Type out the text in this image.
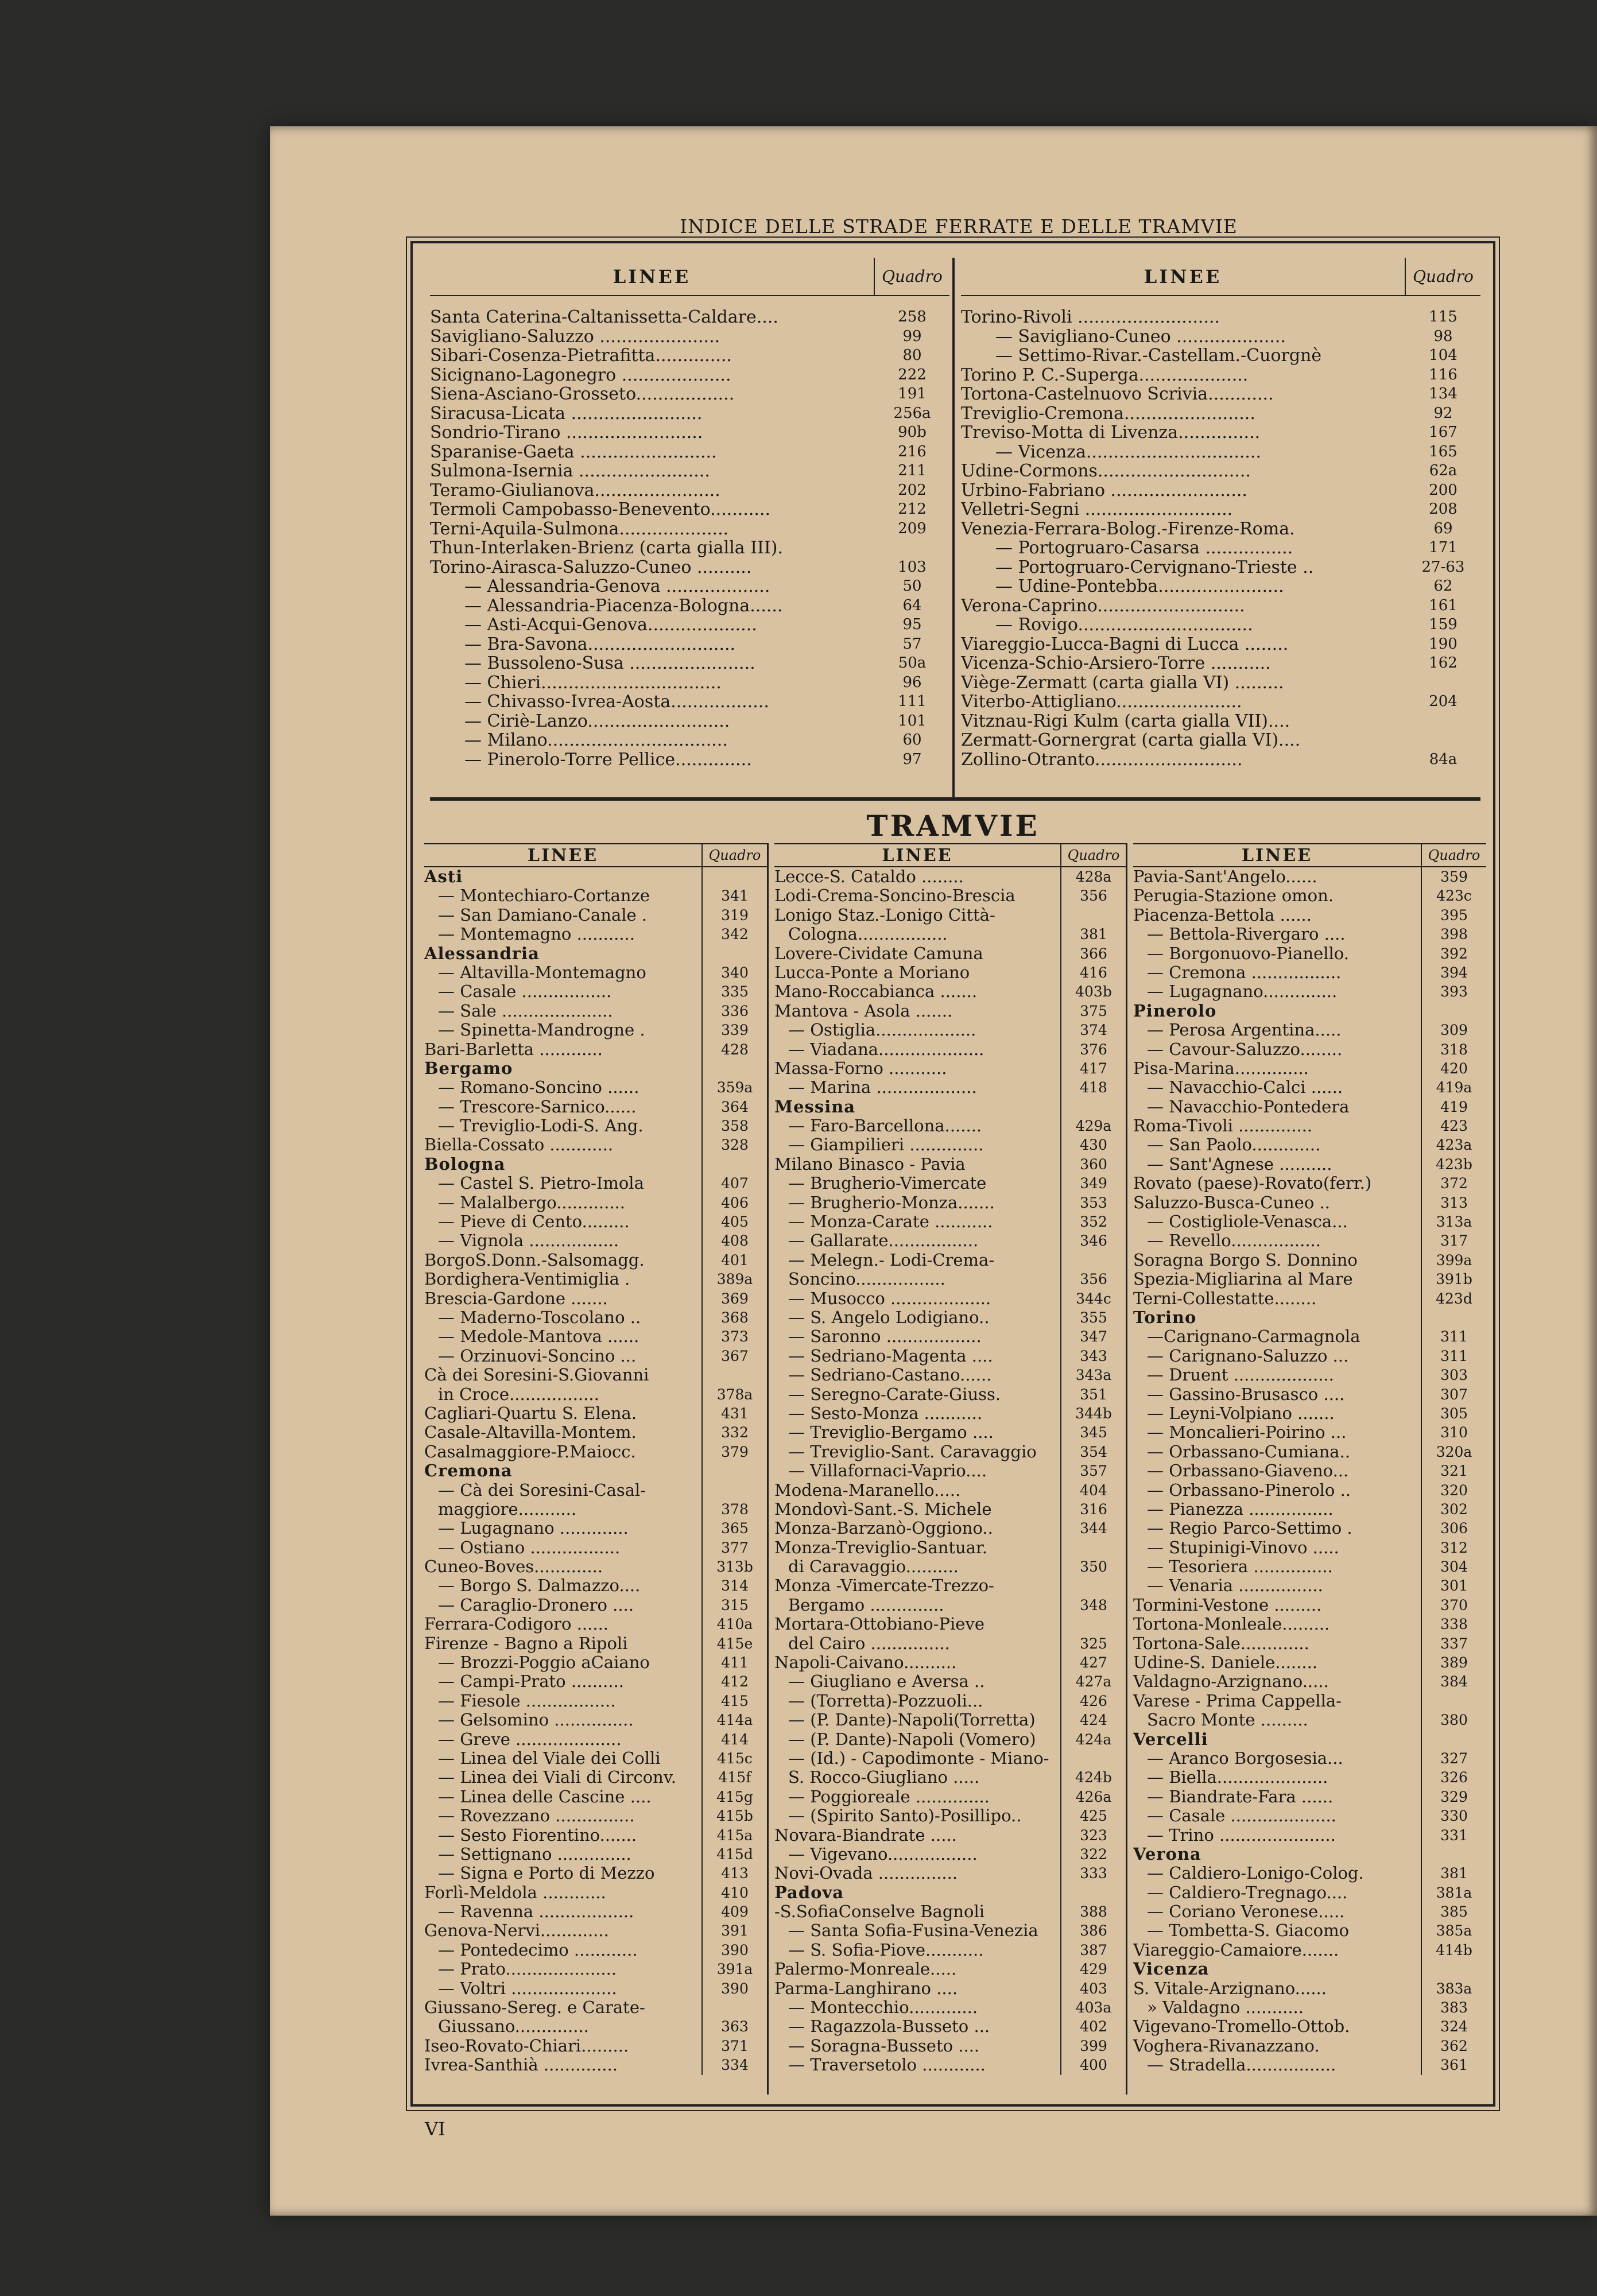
INDICE DELLE STRADE FERRATE E DELLE TRAMVIE
LINEE	Quadro
Santa Caterina-Caltanissetta-Caldare....	258
Savigliano-Saluzzo ......................	99
Sibari-Cosenza-Pietrafitta..............	80
Sicignano-Lagonegro ....................	222
Siena-Asciano-Grosseto..................	191
Siracusa-Licata ........................	256a
Sondrio-Tirano .........................	90b
Sparanise-Gaeta .........................	216
Sulmona-Isernia ........................	211
Teramo-Giulianova.......................	202
Termoli Campobasso-Benevento...........	212
Terni-Aquila-Sulmona....................	209
Thun-Interlaken-Brienz (carta gialla III).
Torino-Airasca-Saluzzo-Cuneo ..........	103
— Alessandria-Genova ...................	50
— Alessandria-Piacenza-Bologna......	64
— Asti-Acqui-Genova....................	95
— Bra-Savona...........................	57
— Bussoleno-Susa .......................	50a
— Chieri.................................	96
— Chivasso-Ivrea-Aosta..................	111
— Ciriè-Lanzo..........................	101
— Milano.................................	60
— Pinerolo-Torre Pellice..............	97
LINEE	Quadro
Torino-Rivoli ..........................	115
— Savigliano-Cuneo ....................	98
— Settimo-Rivar.-Castellam.-Cuorgnè	104
Torino P. C.-Superga....................	116
Tortona-Castelnuovo Scrivia............	134
Treviglio-Cremona........................	92
Treviso-Motta di Livenza...............	167
— Vicenza................................	165
Udine-Cormons............................	62a
Urbino-Fabriano .........................	200
Velletri-Segni ...........................	208
Venezia-Ferrara-Bolog.-Firenze-Roma.	69
— Portogruaro-Casarsa ................	171
— Portogruaro-Cervignano-Trieste ..	27-63
— Udine-Pontebba.......................	62
Verona-Caprino...........................	161
— Rovigo................................	159
Viareggio-Lucca-Bagni di Lucca ........	190
Vicenza-Schio-Arsiero-Torre ...........	162
Viège-Zermatt (carta gialla VI) .........
Viterbo-Attigliano.......................	204
Vitznau-Rigi Kulm (carta gialla VII)....
Zermatt-Gornergrat (carta gialla VI)....
Zollino-Otranto...........................	84a
TRAMVIE
LINEE	Quadro
Asti
— Montechiaro-Cortanze	341
— San Damiano-Canale .	319
— Montemagno ...........	342
Alessandria
— Altavilla-Montemagno	340
— Casale .................	335
— Sale .....................	336
— Spinetta-Mandrogne .	339
Bari-Barletta ............	428
Bergamo
— Romano-Soncino ......	359a
— Trescore-Sarnico......	364
— Treviglio-Lodi-S. Ang.	358
Biella-Cossato ............	328
Bologna
— Castel S. Pietro-Imola	407
— Malalbergo.............	406
— Pieve di Cento.........	405
— Vignola .................	408
BorgoS.Donn.-Salsomagg.	401
Bordighera-Ventimiglia .	389a
Brescia-Gardone .......	369
— Maderno-Toscolano ..	368
— Medole-Mantova ......	373
— Orzinuovi-Soncino ...	367
Cà dei Soresini-S.Giovanni
in Croce.................	378a
Cagliari-Quartu S. Elena.	431
Casale-Altavilla-Montem.	332
Casalmaggiore-P.Maiocc.	379
Cremona
— Cà dei Soresini-Casal-
maggiore...........	378
— Lugagnano .............	365
— Ostiano .................	377
Cuneo-Boves.............	313b
— Borgo S. Dalmazzo....	314
— Caraglio-Dronero ....	315
Ferrara-Codigoro ......	410a
Firenze - Bagno a Ripoli	415e
— Brozzi-Poggio aCaiano	411
— Campi-Prato ..........	412
— Fiesole .................	415
— Gelsomino ...............	414a
— Greve ....................	414
— Linea del Viale dei Colli	415c
— Linea dei Viali di Circonv.	415f
— Linea delle Cascine ....	415g
— Rovezzano ...............	415b
— Sesto Fiorentino.......	415a
— Settignano ..............	415d
— Signa e Porto di Mezzo	413
Forlì-Meldola ............	410
— Ravenna ..................	409
Genova-Nervi.............	391
— Pontedecimo ............	390
— Prato.....................	391a
— Voltri ....................	390
Giussano-Sereg. e Carate-
Giussano..............	363
Iseo-Rovato-Chiari.........	371
Ivrea-Santhià ..............	334
LINEE	Quadro
Lecce-S. Cataldo ........	428a
Lodi-Crema-Soncino-Brescia	356
Lonigo Staz.-Lonigo Città-
Cologna.................	381
Lovere-Cividate Camuna	366
Lucca-Ponte a Moriano	416
Mano-Roccabianca .......	403b
Mantova - Asola .......	375
— Ostiglia...................	374
— Viadana....................	376
Massa-Forno ...........	417
— Marina ...................	418
Messina
— Faro-Barcellona.......	429a
— Giampilieri ..............	430
Milano Binasco - Pavia	360
— Brugherio-Vimercate	349
— Brugherio-Monza.......	353
— Monza-Carate ...........	352
— Gallarate.................	346
— Melegn.- Lodi-Crema-
Soncino.................	356
— Musocco ...................	344c
— S. Angelo Lodigiano..	355
— Saronno ..................	347
— Sedriano-Magenta ....	343
— Sedriano-Castano......	343a
— Seregno-Carate-Giuss.	351
— Sesto-Monza ...........	344b
— Treviglio-Bergamo ....	345
— Treviglio-Sant. Caravaggio	354
— Villafornaci-Vaprio....	357
Modena-Maranello.....	404
Mondovì-Sant.-S. Michele	316
Monza-Barzanò-Oggiono..	344
Monza-Treviglio-Santuar.
di Caravaggio..........	350
Monza -Vimercate-Trezzo-
Bergamo ..............	348
Mortara-Ottobiano-Pieve
del Cairo ...............	325
Napoli-Caivano..........	427
— Giugliano e Aversa ..	427a
— (Torretta)-Pozzuoli...	426
— (P. Dante)-Napoli(Torretta)	424
— (P. Dante)-Napoli (Vomero)	424a
— (Id.) - Capodimonte - Miano-
S. Rocco-Giugliano .....	424b
— Poggioreale ..............	426a
— (Spirito Santo)-Posillipo..	425
Novara-Biandrate .....	323
— Vigevano.................	322
Novi-Ovada ...............	333
Padova
-S.SofiaConselve Bagnoli	388
— Santa Sofia-Fusina-Venezia	386
— S. Sofia-Piove...........	387
Palermo-Monreale.....	429
Parma-Langhirano ....	403
— Montecchio.............	403a
— Ragazzola-Busseto ...	402
— Soragna-Busseto ....	399
— Traversetolo ............	400
LINEE	Quadro
Pavia-Sant'Angelo......	359
Perugia-Stazione omon.	423c
Piacenza-Bettola ......	395
— Bettola-Rivergaro ....	398
— Borgonuovo-Pianello.	392
— Cremona .................	394
— Lugagnano..............	393
Pinerolo
— Perosa Argentina.....	309
— Cavour-Saluzzo........	318
Pisa-Marina..............	420
— Navacchio-Calci ......	419a
— Navacchio-Pontedera	419
Roma-Tivoli ..............	423
— San Paolo.............	423a
— Sant'Agnese ..........	423b
Rovato (paese)-Rovato(ferr.)	372
Saluzzo-Busca-Cuneo ..	313
— Costigliole-Venasca...	313a
— Revello.................	317
Soragna Borgo S. Donnino	399a
Spezia-Migliarina al Mare	391b
Terni-Collestatte........	423d
Torino
—Carignano-Carmagnola	311
— Carignano-Saluzzo ...	311
— Druent ...................	303
— Gassino-Brusasco ....	307
— Leyni-Volpiano .......	305
— Moncalieri-Poirino ...	310
— Orbassano-Cumiana..	320a
— Orbassano-Giaveno...	321
— Orbassano-Pinerolo ..	320
— Pianezza ................	302
— Regio Parco-Settimo .	306
— Stupinigi-Vinovo .....	312
— Tesoriera ...............	304
— Venaria ................	301
Tormini-Vestone .........	370
Tortona-Monleale.........	338
Tortona-Sale.............	337
Udine-S. Daniele........	389
Valdagno-Arzignano.....	384
Varese - Prima Cappella-
Sacro Monte .........	380
Vercelli
— Aranco Borgosesia...	327
— Biella.....................	326
— Biandrate-Fara ......	329
— Casale ....................	330
— Trino ......................	331
Verona
— Caldiero-Lonigo-Colog.	381
— Caldiero-Tregnago....	381a
— Coriano Veronese.....	385
— Tombetta-S. Giacomo	385a
Viareggio-Camaiore.......	414b
Vicenza
S. Vitale-Arzignano......	383a
» Valdagno ...........	383
Vigevano-Tromello-Ottob.	324
Voghera-Rivanazzano.	362
— Stradella.................	361
VI
